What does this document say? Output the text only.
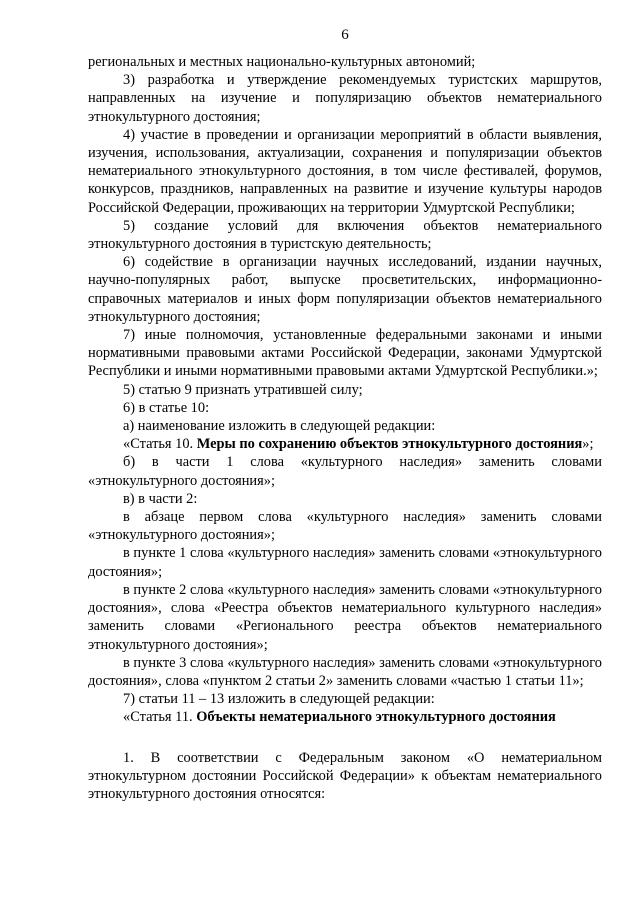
6

региональных и местных национально-культурных автономий;

3) разработка и утверждение рекомендуемых туристских маршрутов, направленных на изучение и популяризацию объектов нематериального этнокультурного достояния;

4) участие в проведении и организации мероприятий в области выявления, изучения, использования, актуализации, сохранения и популяризации объектов нематериального этнокультурного достояния, в том числе фестивалей, форумов, конкурсов, праздников, направленных на развитие и изучение культуры народов Российской Федерации, проживающих на территории Удмуртской Республики;

5) создание условий для включения объектов нематериального этнокультурного достояния в туристскую деятельность;

6) содействие в организации научных исследований, издании научных, научно-популярных работ, выпуске просветительских, информационно-справочных материалов и иных форм популяризации объектов нематериального этнокультурного достояния;

7) иные полномочия, установленные федеральными законами и иными нормативными правовыми актами Российской Федерации, законами Удмуртской Республики и иными нормативными правовыми актами Удмуртской Республики.»;

5) статью 9 признать утратившей силу;

6) в статье 10:

а) наименование изложить в следующей редакции:

«Статья 10. Меры по сохранению объектов этнокультурного достояния»;

б) в части 1 слова «культурного наследия» заменить словами «этнокультурного достояния»;

в) в части 2:

в абзаце первом слова «культурного наследия» заменить словами «этнокультурного достояния»;

в пункте 1 слова «культурного наследия» заменить словами «этнокультурного достояния»;

в пункте 2 слова «культурного наследия» заменить словами «этнокультурного достояния», слова «Реестра объектов нематериального культурного наследия» заменить словами «Регионального реестра объектов нематериального этнокультурного достояния»;

в пункте 3 слова «культурного наследия» заменить словами «этнокультурного достояния», слова «пунктом 2 статьи 2» заменить словами «частью 1 статьи 11»;

7) статьи 11 – 13 изложить в следующей редакции:

«Статья 11. Объекты нематериального этнокультурного достояния

1. В соответствии с Федеральным законом «О нематериальном этнокультурном достоянии Российской Федерации» к объектам нематериального этнокультурного достояния относятся:
